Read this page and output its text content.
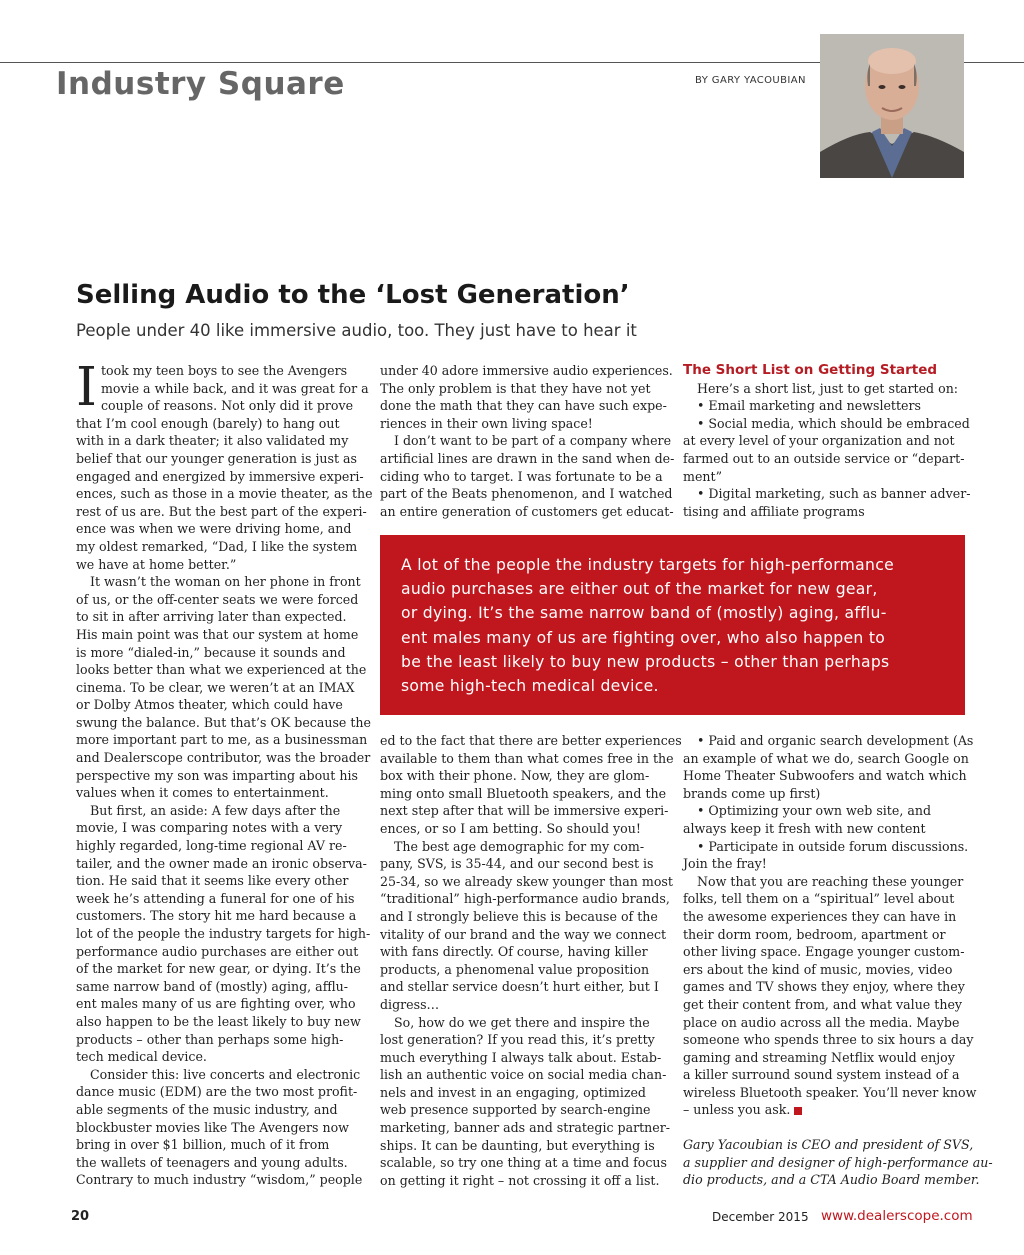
Industry Square	BY GARY YACOUBIAN
Selling Audio to the ‘Lost Generation’
People under 40 like immersive audio, too. They just have to hear it
I took my teen boys to see the Avengers

movie a while back, and it was great for a

couple of reasons. Not only did it prove

that I’m cool enough (barely) to hang out

with in a dark theater; it also validated my

belief that our younger generation is just as

engaged and energized by immersive experi-

ences, such as those in a movie theater, as the

rest of us are. But the best part of the experi-

ence was when we were driving home, and

my oldest remarked, “Dad, I like the system

we have at home better.”

It wasn’t the woman on her phone in front

of us, or the off-center seats we were forced

to sit in after arriving later than expected.

His main point was that our system at home

is more “dialed-in,” because it sounds and

looks better than what we experienced at the

cinema. To be clear, we weren’t at an IMAX

or Dolby Atmos theater, which could have

swung the balance. But that’s OK because the

more important part to me, as a businessman

and Dealerscope contributor, was the broader

perspective my son was imparting about his

values when it comes to entertainment.

But first, an aside: A few days after the

movie, I was comparing notes with a very

highly regarded, long-time regional AV re-

tailer, and the owner made an ironic observa-

tion. He said that it seems like every other

week he’s attending a funeral for one of his

customers. The story hit me hard because a

lot of the people the industry targets for high-

performance audio purchases are either out

of the market for new gear, or dying. It’s the

same narrow band of (mostly) aging, afflu-

ent males many of us are fighting over, who

also happen to be the least likely to buy new

products – other than perhaps some high-

tech medical device.

Consider this: live concerts and electronic

dance music (EDM) are the two most profit-

able segments of the music industry, and

blockbuster movies like The Avengers now

bring in over $1 billion, much of it from

the wallets of teenagers and young adults.

Contrary to much industry “wisdom,” people

under 40 adore immersive audio experiences.

The only problem is that they have not yet

done the math that they can have such expe-

riences in their own living space!

I don’t want to be part of a company where

artificial lines are drawn in the sand when de-

ciding who to target. I was fortunate to be a

part of the Beats phenomenon, and I watched

an entire generation of customers get educat-

The Short List on Getting Started

Here’s a short list, just to get started on:

• Email marketing and newsletters

• Social media, which should be embraced

at every level of your organization and not

farmed out to an outside service or “depart-

ment”

• Digital marketing, such as banner adver-

tising and affiliate programs

A lot of the people the industry targets for high-performance

audio purchases are either out of the market for new gear,

or dying. It’s the same narrow band of (mostly) aging, afflu-

ent males many of us are fighting over, who also happen to

be the least likely to buy new products – other than perhaps

some high-tech medical device.

ed to the fact that there are better experiences

available to them than what comes free in the

box with their phone. Now, they are glom-

ming onto small Bluetooth speakers, and the

next step after that will be immersive experi-

ences, or so I am betting. So should you!

The best age demographic for my com-

pany, SVS, is 35-44, and our second best is

25-34, so we already skew younger than most

“traditional” high-performance audio brands,

and I strongly believe this is because of the

vitality of our brand and the way we connect

with fans directly. Of course, having killer

products, a phenomenal value proposition

and stellar service doesn’t hurt either, but I

digress…

So, how do we get there and inspire the

lost generation? If you read this, it’s pretty

much everything I always talk about. Estab-

lish an authentic voice on social media chan-

nels and invest in an engaging, optimized

web presence supported by search-engine

marketing, banner ads and strategic partner-

ships. It can be daunting, but everything is

scalable, so try one thing at a time and focus

on getting it right – not crossing it off a list.

• Paid and organic search development (As

an example of what we do, search Google on

Home Theater Subwoofers and watch which

brands come up first)

• Optimizing your own web site, and

always keep it fresh with new content

• Participate in outside forum discussions.

Join the fray!

Now that you are reaching these younger

folks, tell them on a “spiritual” level about

the awesome experiences they can have in

their dorm room, bedroom, apartment or

other living space. Engage younger custom-

ers about the kind of music, movies, video

games and TV shows they enjoy, where they

get their content from, and what value they

place on audio across all the media. Maybe

someone who spends three to six hours a day

gaming and streaming Netflix would enjoy

a killer surround sound system instead of a

wireless Bluetooth speaker. You’ll never know

– unless you ask.

Gary Yacoubian is CEO and president of SVS,

a supplier and designer of high-performance au-

dio products, and a CTA Audio Board member.

20	December 2015 www.dealerscope.com
